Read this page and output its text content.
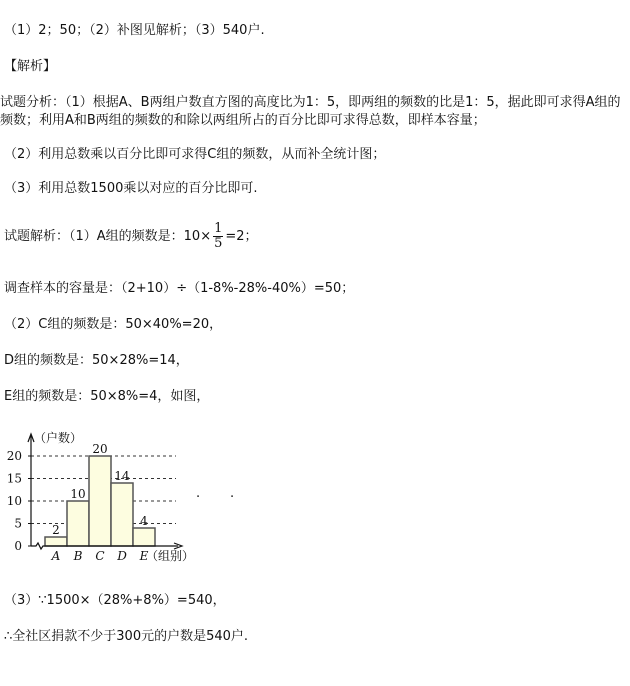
（1）2；50；（2）补图见解析；（3）540户.
【解析】
试题分析：（1）根据A、B两组户数直方图的高度比为1：5，即两组的频数的比是1：5，据此即可求得A组的频数；利用A和B两组的频数的和除以两组所占的百分比即可求得总数，即样本容量；
（2）利用总数乘以百分比即可求得C组的频数，从而补全统计图；
（3）利用总数1500乘以对应的百分比即可.
试题解析：（1）A组的频数是：$10\times \frac{1}{5} =2$；
调查样本的容量是：（2+10）÷（1-8%-28%-40%）=50；
（2）C组的频数是：50×40%=20，
D组的频数是：50×28%=14，
E组的频数是：50×8%=4，如图，
2
A
10
B
20
C
14
D
4
E
0
5
10
15
20
（户数）
（组别）
. .
（3）∵1500×（28%+8%）=540，
∴全社区捐款不少于300元的户数是540户.
